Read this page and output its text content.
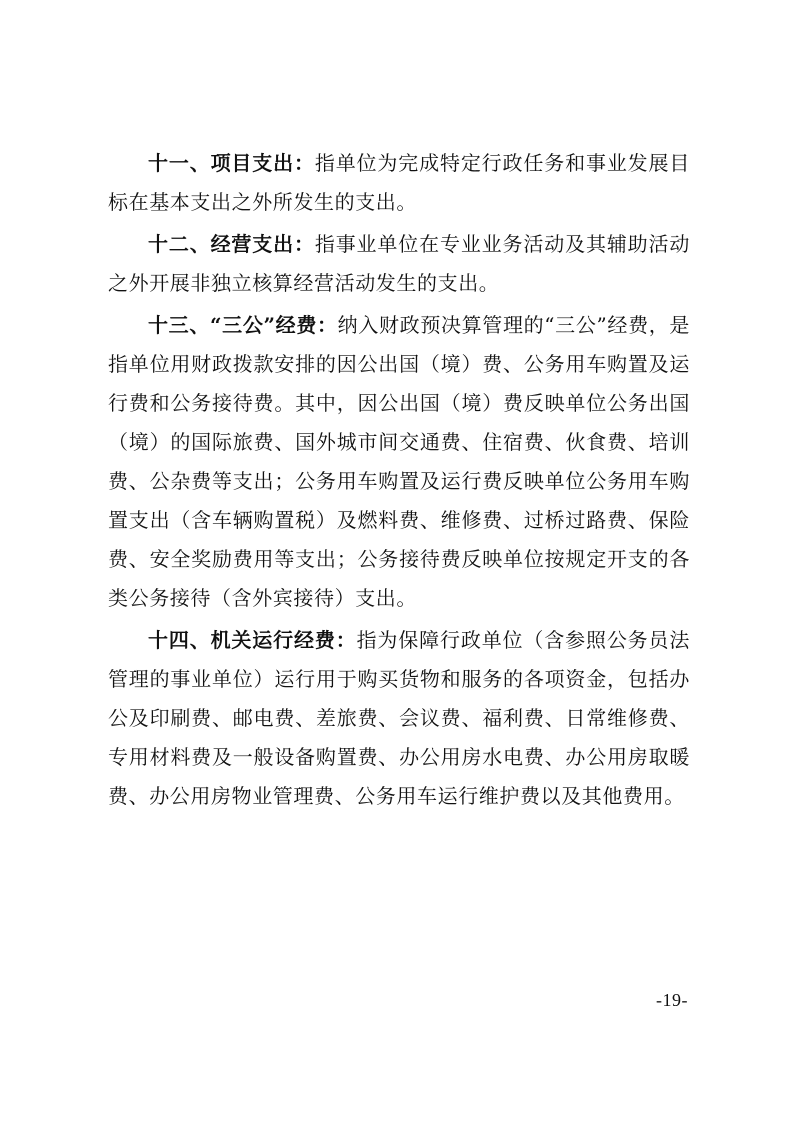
十一、项目支出：指单位为完成特定行政任务和事业发展目标在基本支出之外所发生的支出。

十二、经营支出：指事业单位在专业业务活动及其辅助活动之外开展非独立核算经营活动发生的支出。

十三、“三公”经费：纳入财政预决算管理的“三公”经费，是指单位用财政拨款安排的因公出国（境）费、公务用车购置及运行费和公务接待费。其中，因公出国（境）费反映单位公务出国（境）的国际旅费、国外城市间交通费、住宿费、伙食费、培训费、公杂费等支出；公务用车购置及运行费反映单位公务用车购置支出（含车辆购置税）及燃料费、维修费、过桥过路费、保险费、安全奖励费用等支出；公务接待费反映单位按规定开支的各类公务接待（含外宾接待）支出。

十四、机关运行经费：指为保障行政单位（含参照公务员法管理的事业单位）运行用于购买货物和服务的各项资金，包括办公及印刷费、邮电费、差旅费、会议费、福利费、日常维修费、专用材料费及一般设备购置费、办公用房水电费、办公用房取暖费、办公用房物业管理费、公务用车运行维护费以及其他费用。

-19-
